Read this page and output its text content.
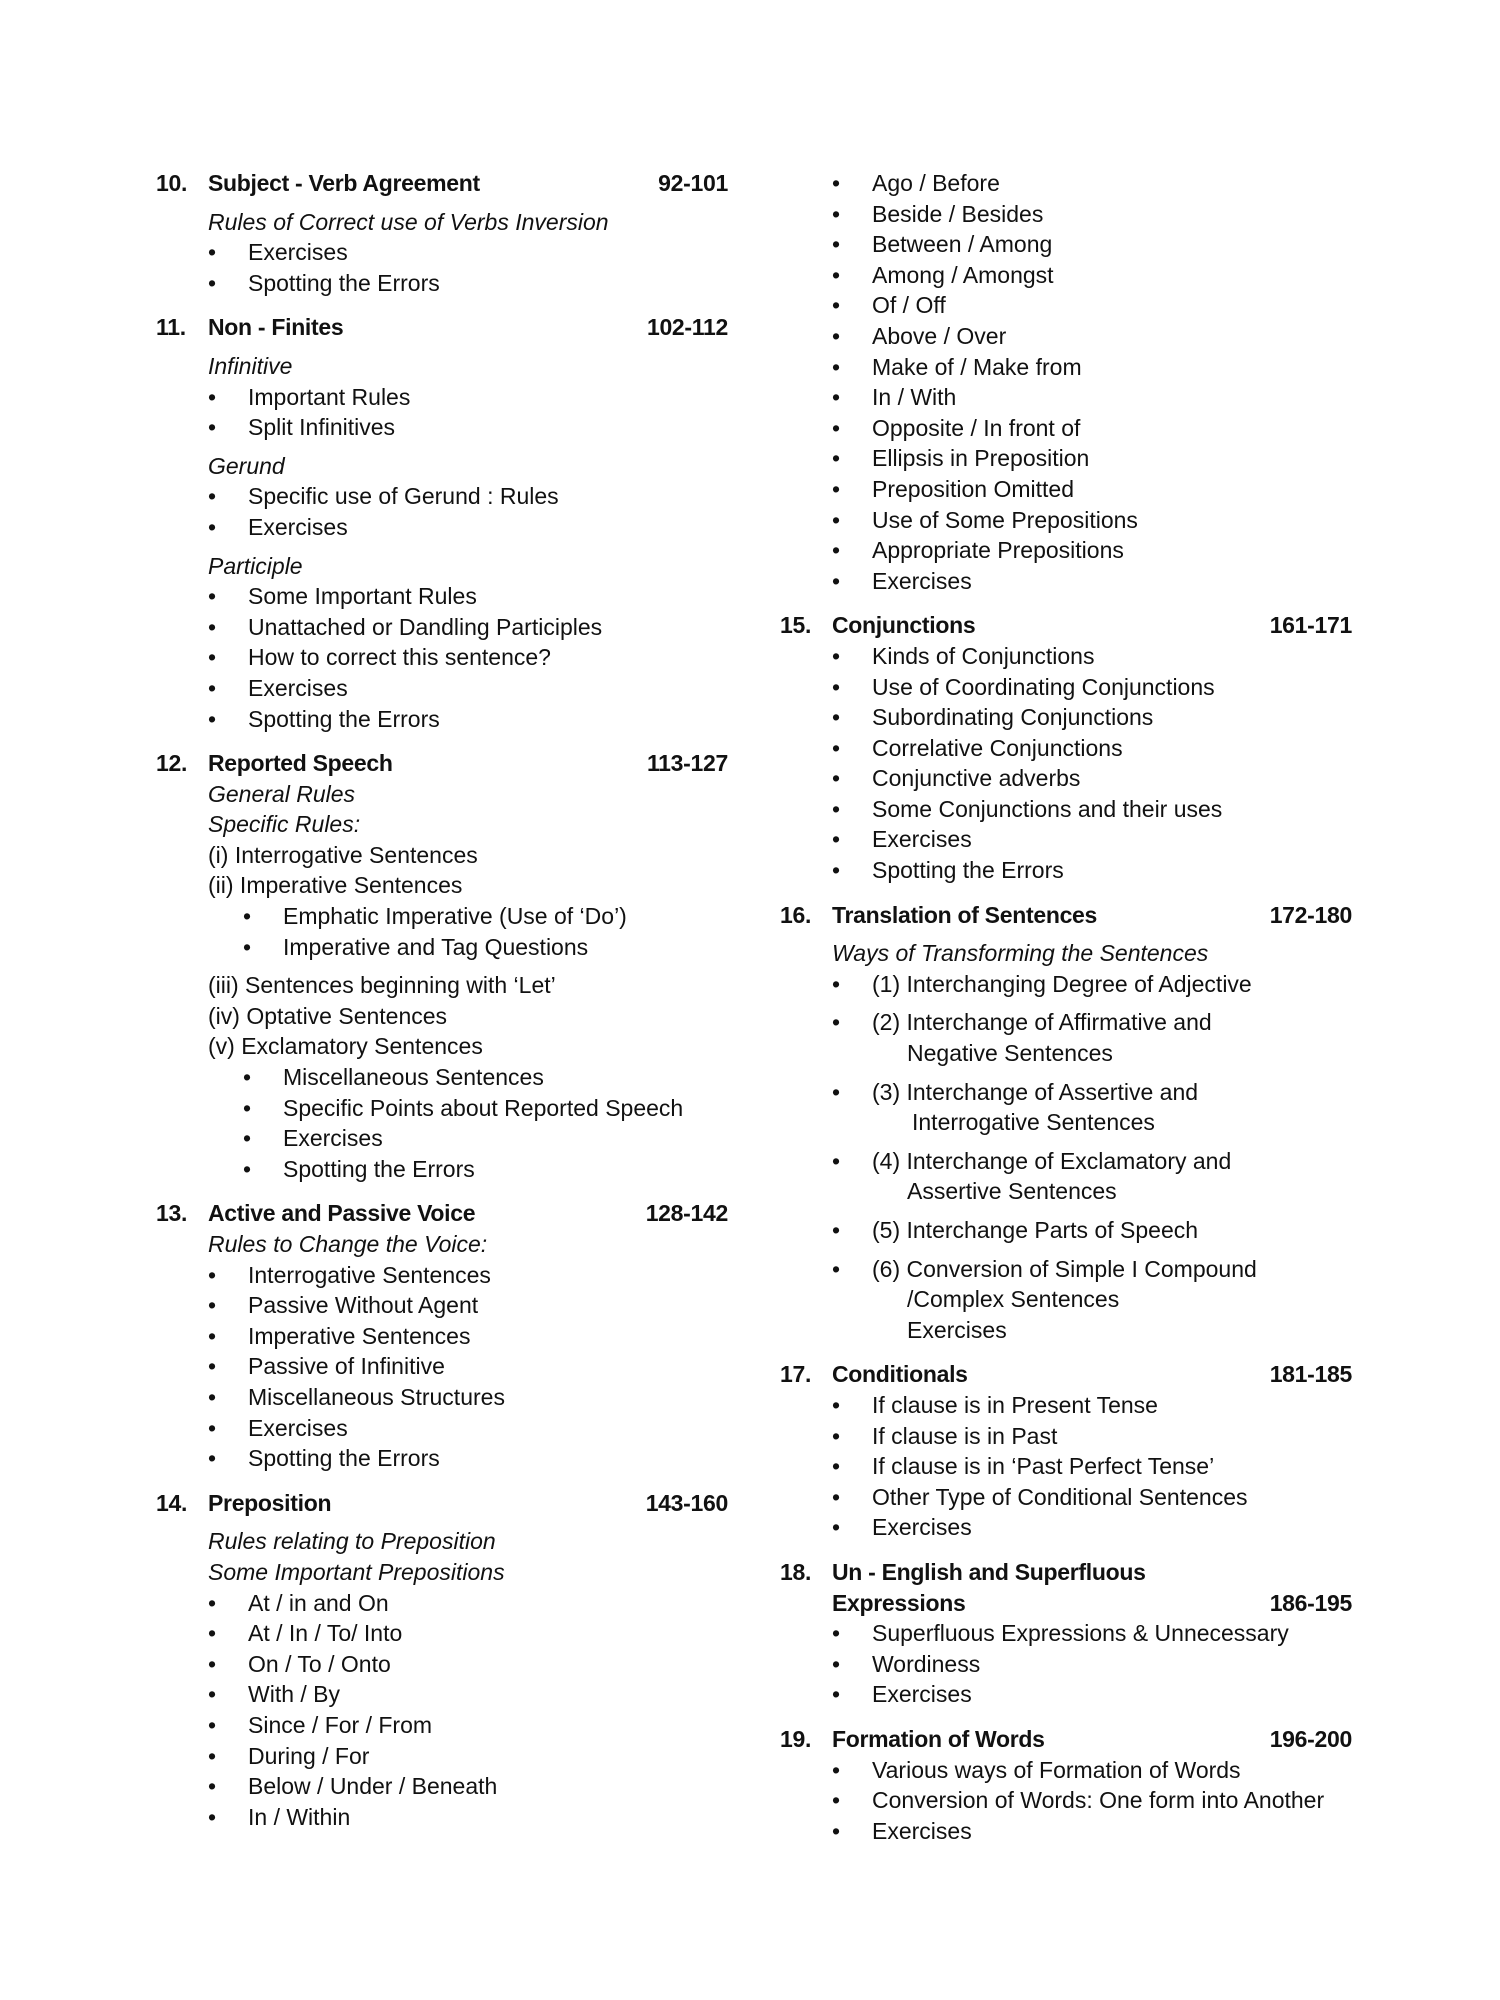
10. Subject - Verb Agreement	92-101
Rules of Correct use of Verbs Inversion
• Exercises
• Spotting the Errors
11. Non - Finites	102-112
Infinitive
• Important Rules
• Split Infinitives
Gerund
• Specific use of Gerund : Rules
• Exercises
Participle
• Some Important Rules
• Unattached or Dandling Participles
• How to correct this sentence?
• Exercises
• Spotting the Errors
12. Reported Speech	113-127
General Rules
Specific Rules:
(i) Interrogative Sentences
(ii) Imperative Sentences
• Emphatic Imperative (Use of ‘Do’)
• Imperative and Tag Questions
(iii) Sentences beginning with ‘Let’
(iv) Optative Sentences
(v) Exclamatory Sentences
• Miscellaneous Sentences
• Specific Points about Reported Speech
• Exercises
• Spotting the Errors
13. Active and Passive Voice	128-142
Rules to Change the Voice:
• Interrogative Sentences
• Passive Without Agent
• Imperative Sentences
• Passive of Infinitive
• Miscellaneous Structures
• Exercises
• Spotting the Errors
14. Preposition	143-160
Rules relating to Preposition
Some Important Prepositions
• At / in and On
• At / In / To/ Into
• On / To / Onto
• With / By
• Since / For / From
• During / For
• Below / Under / Beneath
• In / Within
• Ago / Before
• Beside / Besides
• Between / Among
• Among / Amongst
• Of / Off
• Above / Over
• Make of / Make from
• In / With
• Opposite / In front of
• Ellipsis in Preposition
• Preposition Omitted
• Use of Some Prepositions
• Appropriate Prepositions
• Exercises
15. Conjunctions	161-171
• Kinds of Conjunctions
• Use of Coordinating Conjunctions
• Subordinating Conjunctions
• Correlative Conjunctions
• Conjunctive adverbs
• Some Conjunctions and their uses
• Exercises
• Spotting the Errors
16. Translation of Sentences	172-180
Ways of Transforming the Sentences
• (1) Interchanging Degree of Adjective
• (2) Interchange of Affirmative and
Negative Sentences
• (3) Interchange of Assertive and
Interrogative Sentences
• (4) Interchange of Exclamatory and
Assertive Sentences
• (5) Interchange Parts of Speech
• (6) Conversion of Simple I Compound
/Complex Sentences
Exercises
17. Conditionals	181-185
• If clause is in Present Tense
• If clause is in Past
• If clause is in ‘Past Perfect Tense’
• Other Type of Conditional Sentences
• Exercises
18. Un - English and Superfluous
Expressions	186-195
• Superfluous Expressions & Unnecessary
• Wordiness
• Exercises
19. Formation of Words	196-200
• Various ways of Formation of Words
• Conversion of Words: One form into Another
• Exercises
